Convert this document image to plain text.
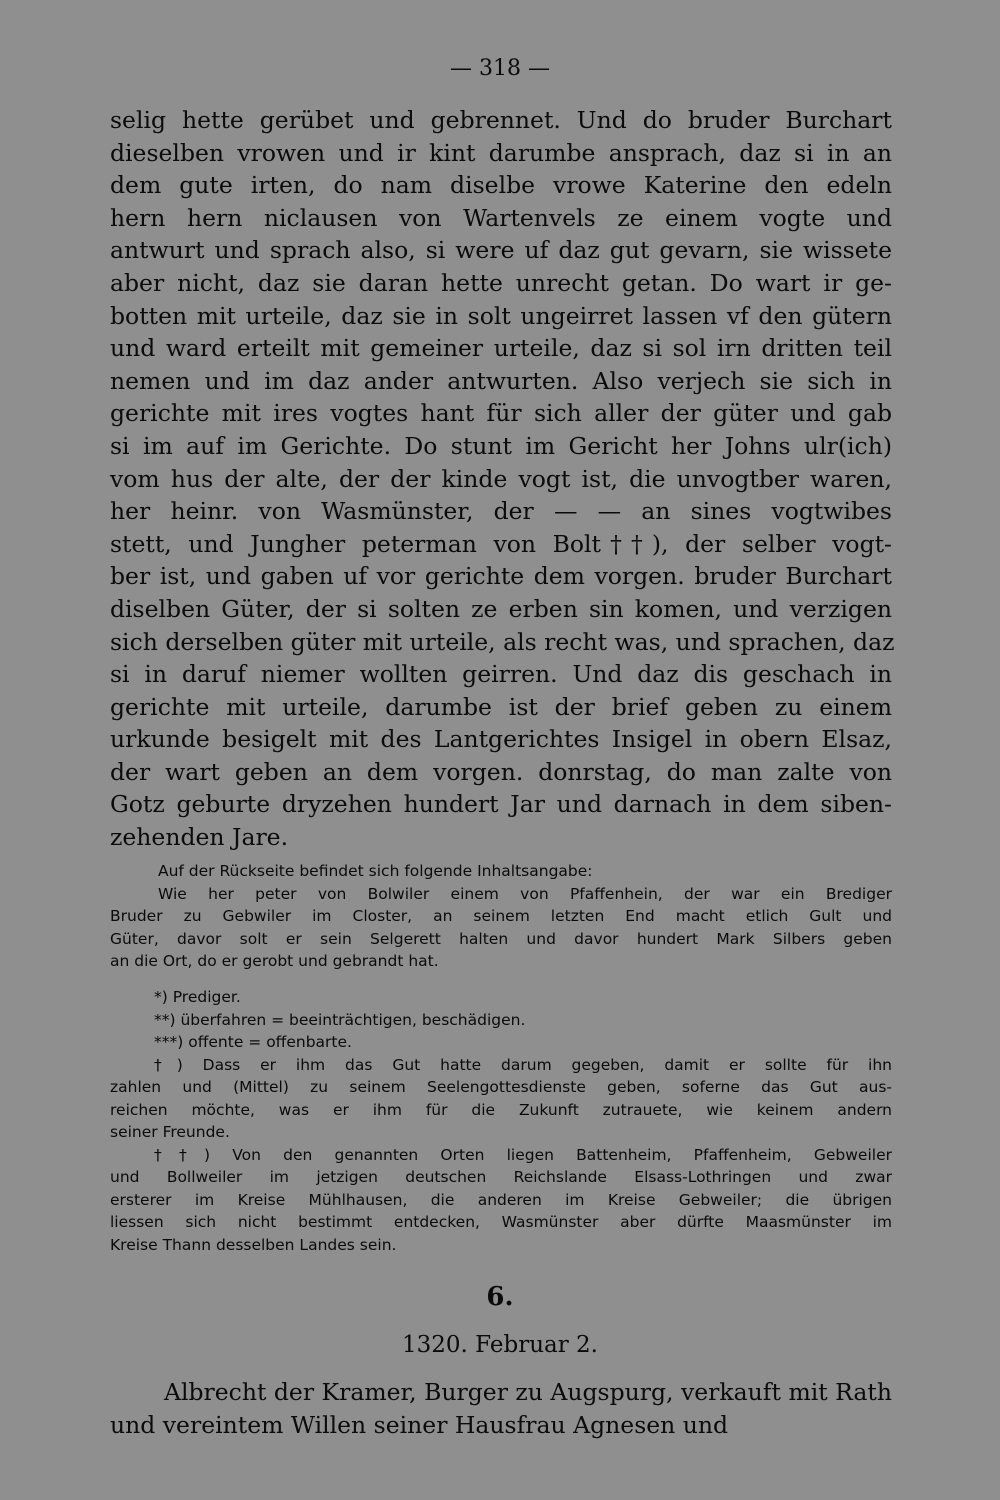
— 318 —
selig hette gerübet und gebrennet. Und do bruder Burchart
dieselben vrowen und ir kint darumbe ansprach, daz si in an
dem gute irten, do nam diselbe vrowe Katerine den edeln
hern hern niclausen von Wartenvels ze einem vogte und
antwurt und sprach also, si were uf daz gut gevarn, sie wissete
aber nicht, daz sie daran hette unrecht getan. Do wart ir ge-
botten mit urteile, daz sie in solt ungeirret lassen vf den gütern
und ward erteilt mit gemeiner urteile, daz si sol irn dritten teil
nemen und im daz ander antwurten. Also verjech sie sich in
gerichte mit ires vogtes hant für sich aller der güter und gab
si im auf im Gerichte. Do stunt im Gericht her Johns ulr(ich)
vom hus der alte, der der kinde vogt ist, die unvogtber waren,
her heinr. von Wasmünster, der — — an sines vogtwibes
stett, und Jungher peterman von Bolt††), der selber vogt-
ber ist, und gaben uf vor gerichte dem vorgen. bruder Burchart
diselben Güter, der si solten ze erben sin komen, und verzigen
sich derselben güter mit urteile, als recht was, und sprachen, daz
si in daruf niemer wollten geirren. Und daz dis geschach in
gerichte mit urteile, darumbe ist der brief geben zu einem
urkunde besigelt mit des Lantgerichtes Insigel in obern Elsaz,
der wart geben an dem vorgen. donrstag, do man zalte von
Gotz geburte dryzehen hundert Jar und darnach in dem siben-
zehenden Jare.
Auf der Rückseite befindet sich folgende Inhaltsangabe:
Wie her peter von Bolwiler einem von Pfaffenhein, der war ein Brediger
Bruder zu Gebwiler im Closter, an seinem letzten End macht etlich Gult und
Güter, davor solt er sein Selgerett halten und davor hundert Mark Silbers geben
an die Ort, do er gerobt und gebrandt hat.
*) Prediger.
**) überfahren = beeinträchtigen, beschädigen.
***) offente = offenbarte.
†) Dass er ihm das Gut hatte darum gegeben, damit er sollte für ihn
zahlen und (Mittel) zu seinem Seelengottesdienste geben, soferne das Gut aus-
reichen möchte, was er ihm für die Zukunft zutrauete, wie keinem andern
seiner Freunde.
††) Von den genannten Orten liegen Battenheim, Pfaffenheim, Gebweiler
und Bollweiler im jetzigen deutschen Reichslande Elsass-Lothringen und zwar
ersterer im Kreise Mühlhausen, die anderen im Kreise Gebweiler; die übrigen
liessen sich nicht bestimmt entdecken, Wasmünster aber dürfte Maasmünster im
Kreise Thann desselben Landes sein.
6.
1320. Februar 2.
Albrecht der Kramer, Burger zu Augspurg, verkauft mit Rath und vereintem Willen seiner Hausfrau Agnesen und
